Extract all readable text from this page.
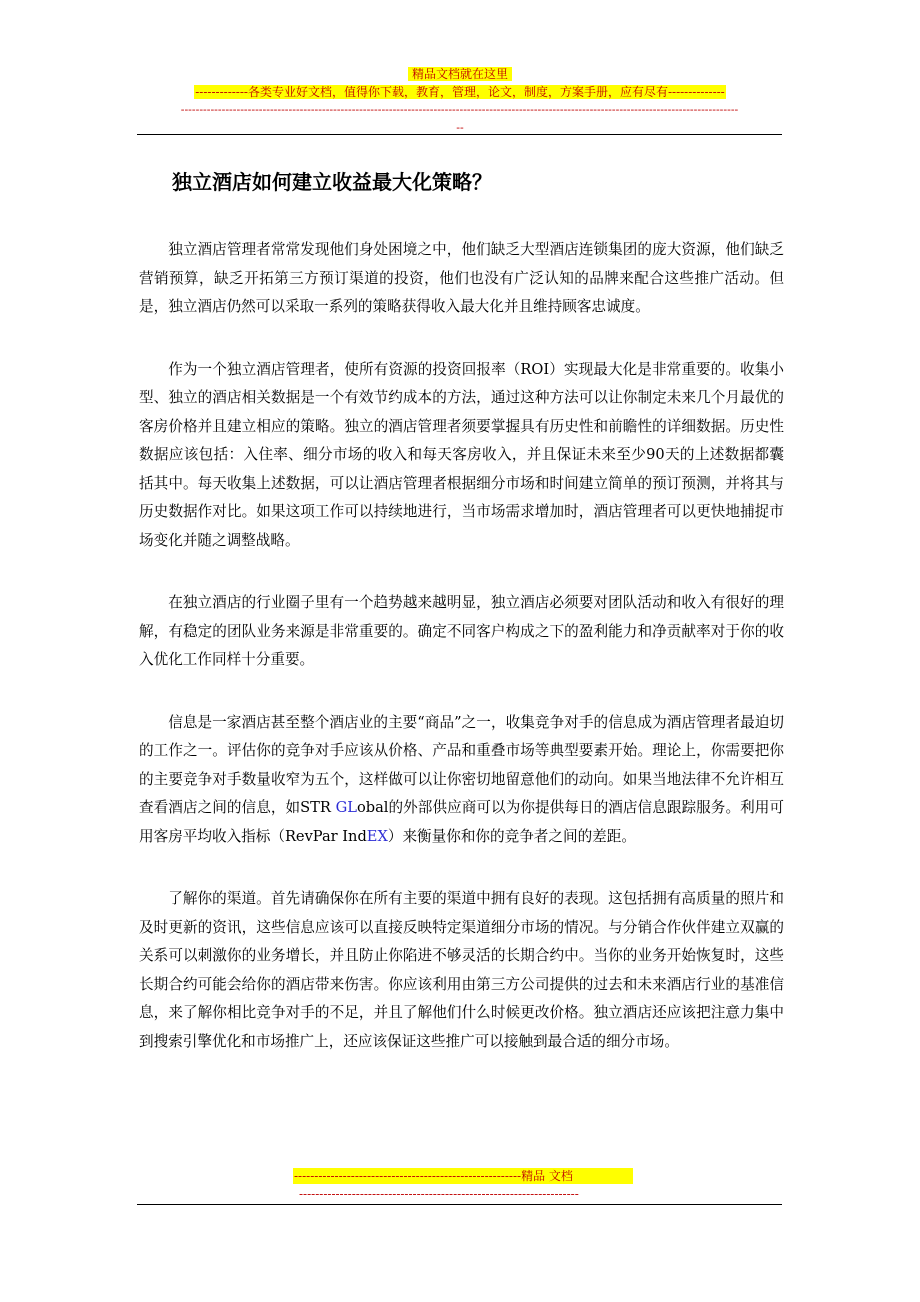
精品文档就在这里
-------------各类专业好文档，值得你下载，教育，管理，论文，制度，方案手册，应有尽有--------------
------------------------------------------------------------------------------------------------------------------------------------------------------
--
独立酒店如何建立收益最大化策略？

独立酒店管理者常常发现他们身处困境之中，他们缺乏大型酒店连锁集团的庞大资源，他们缺乏营销预算，缺乏开拓第三方预订渠道的投资，他们也没有广泛认知的品牌来配合这些推广活动。但是，独立酒店仍然可以采取一系列的策略获得收入最大化并且维持顾客忠诚度。

作为一个独立酒店管理者，使所有资源的投资回报率（ROI）实现最大化是非常重要的。收集小型、独立的酒店相关数据是一个有效节约成本的方法，通过这种方法可以让你制定未来几个月最优的客房价格并且建立相应的策略。独立的酒店管理者须要掌握具有历史性和前瞻性的详细数据。历史性数据应该包括：入住率、细分市场的收入和每天客房收入，并且保证未来至少90天的上述数据都囊括其中。每天收集上述数据，可以让酒店管理者根据细分市场和时间建立简单的预订预测，并将其与历史数据作对比。如果这项工作可以持续地进行，当市场需求增加时，酒店管理者可以更快地捕捉市场变化并随之调整战略。

在独立酒店的行业圈子里有一个趋势越来越明显，独立酒店必须要对团队活动和收入有很好的理解，有稳定的团队业务来源是非常重要的。确定不同客户构成之下的盈利能力和净贡献率对于你的收入优化工作同样十分重要。

信息是一家酒店甚至整个酒店业的主要“商品”之一，收集竞争对手的信息成为酒店管理者最迫切的工作之一。评估你的竞争对手应该从价格、产品和重叠市场等典型要素开始。理论上，你需要把你的主要竞争对手数量收窄为五个，这样做可以让你密切地留意他们的动向。如果当地法律不允许相互查看酒店之间的信息，如STR GLobal的外部供应商可以为你提供每日的酒店信息跟踪服务。利用可用客房平均收入指标（RevPar IndEX）来衡量你和你的竞争者之间的差距。

了解你的渠道。首先请确保你在所有主要的渠道中拥有良好的表现。这包括拥有高质量的照片和及时更新的资讯，这些信息应该可以直接反映特定渠道细分市场的情况。与分销合作伙伴建立双赢的关系可以刺激你的业务增长，并且防止你陷进不够灵活的长期合约中。当你的业务开始恢复时，这些长期合约可能会给你的酒店带来伤害。你应该利用由第三方公司提供的过去和未来酒店行业的基准信息，来了解你相比竞争对手的不足，并且了解他们什么时候更改价格。独立酒店还应该把注意力集中到搜索引擎优化和市场推广上，还应该保证这些推广可以接触到最合适的细分市场。

--------------------------------------------------------精品 文档
---------------------------------------------------------------------
